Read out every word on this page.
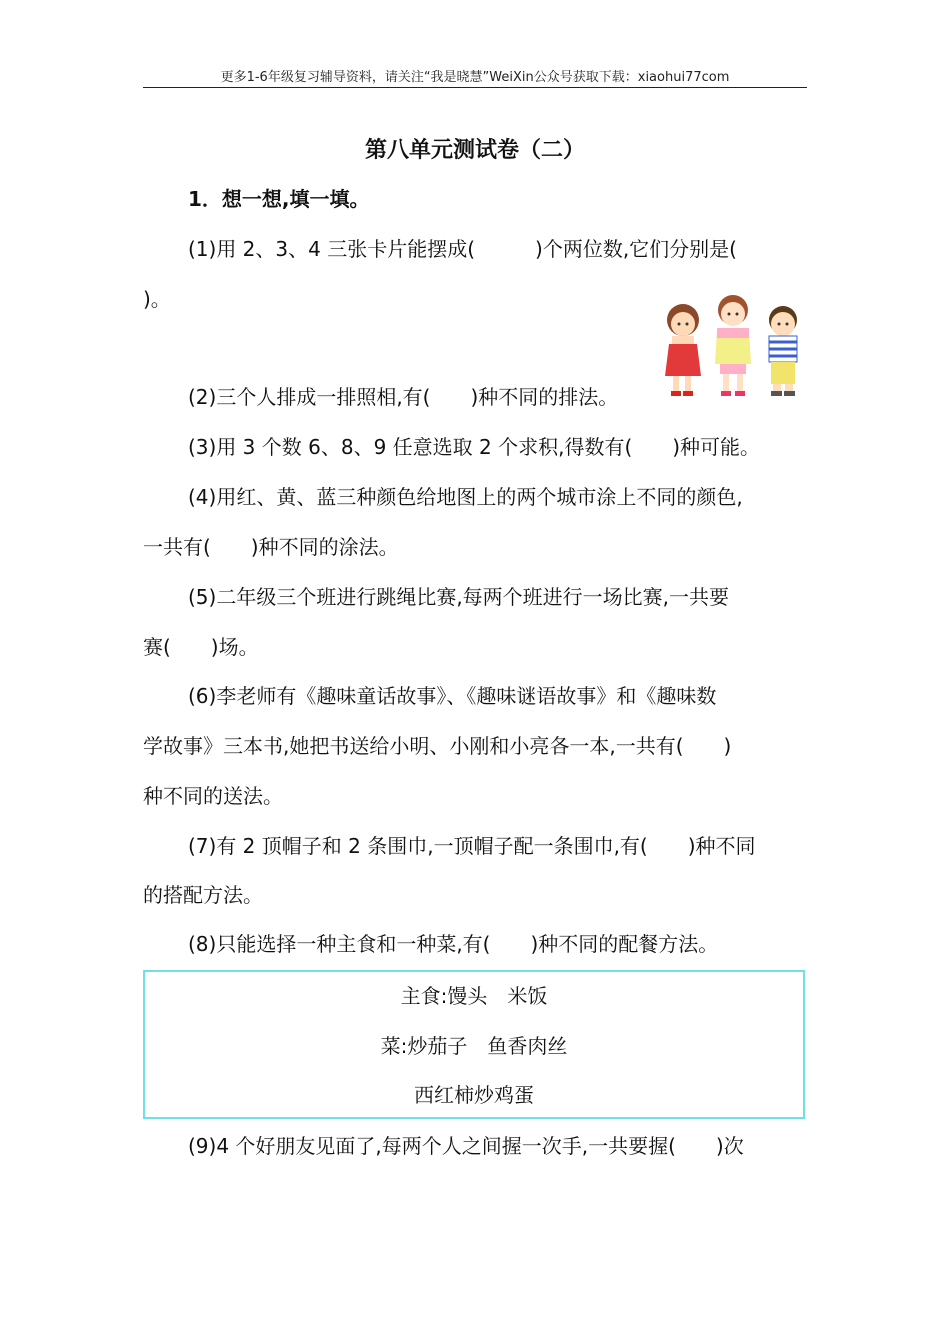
更多1-6年级复习辅导资料，请关注“我是晓慧”WeiXin公众号获取下载：xiaohui77com
第八单元测试卷（二）
1．想一想,填一填。
(1)用 2、3、4 三张卡片能摆成(　　　)个两位数,它们分别是(
)。
(2)三个人排成一排照相,有(　　)种不同的排法。
(3)用 3 个数 6、8、9 任意选取 2 个求积,得数有(　　)种可能。
(4)用红、黄、蓝三种颜色给地图上的两个城市涂上不同的颜色,
一共有(　　)种不同的涂法。
(5)二年级三个班进行跳绳比赛,每两个班进行一场比赛,一共要
赛(　　)场。
(6)李老师有《趣味童话故事》、《趣味谜语故事》和《趣味数
学故事》三本书,她把书送给小明、小刚和小亮各一本,一共有(　　)
种不同的送法。
(7)有 2 顶帽子和 2 条围巾,一顶帽子配一条围巾,有(　　)种不同
的搭配方法。
(8)只能选择一种主食和一种菜,有(　　)种不同的配餐方法。
主食:馒头　米饭
菜:炒茄子　鱼香肉丝
西红柿炒鸡蛋
(9)4 个好朋友见面了,每两个人之间握一次手,一共要握(　　)次
